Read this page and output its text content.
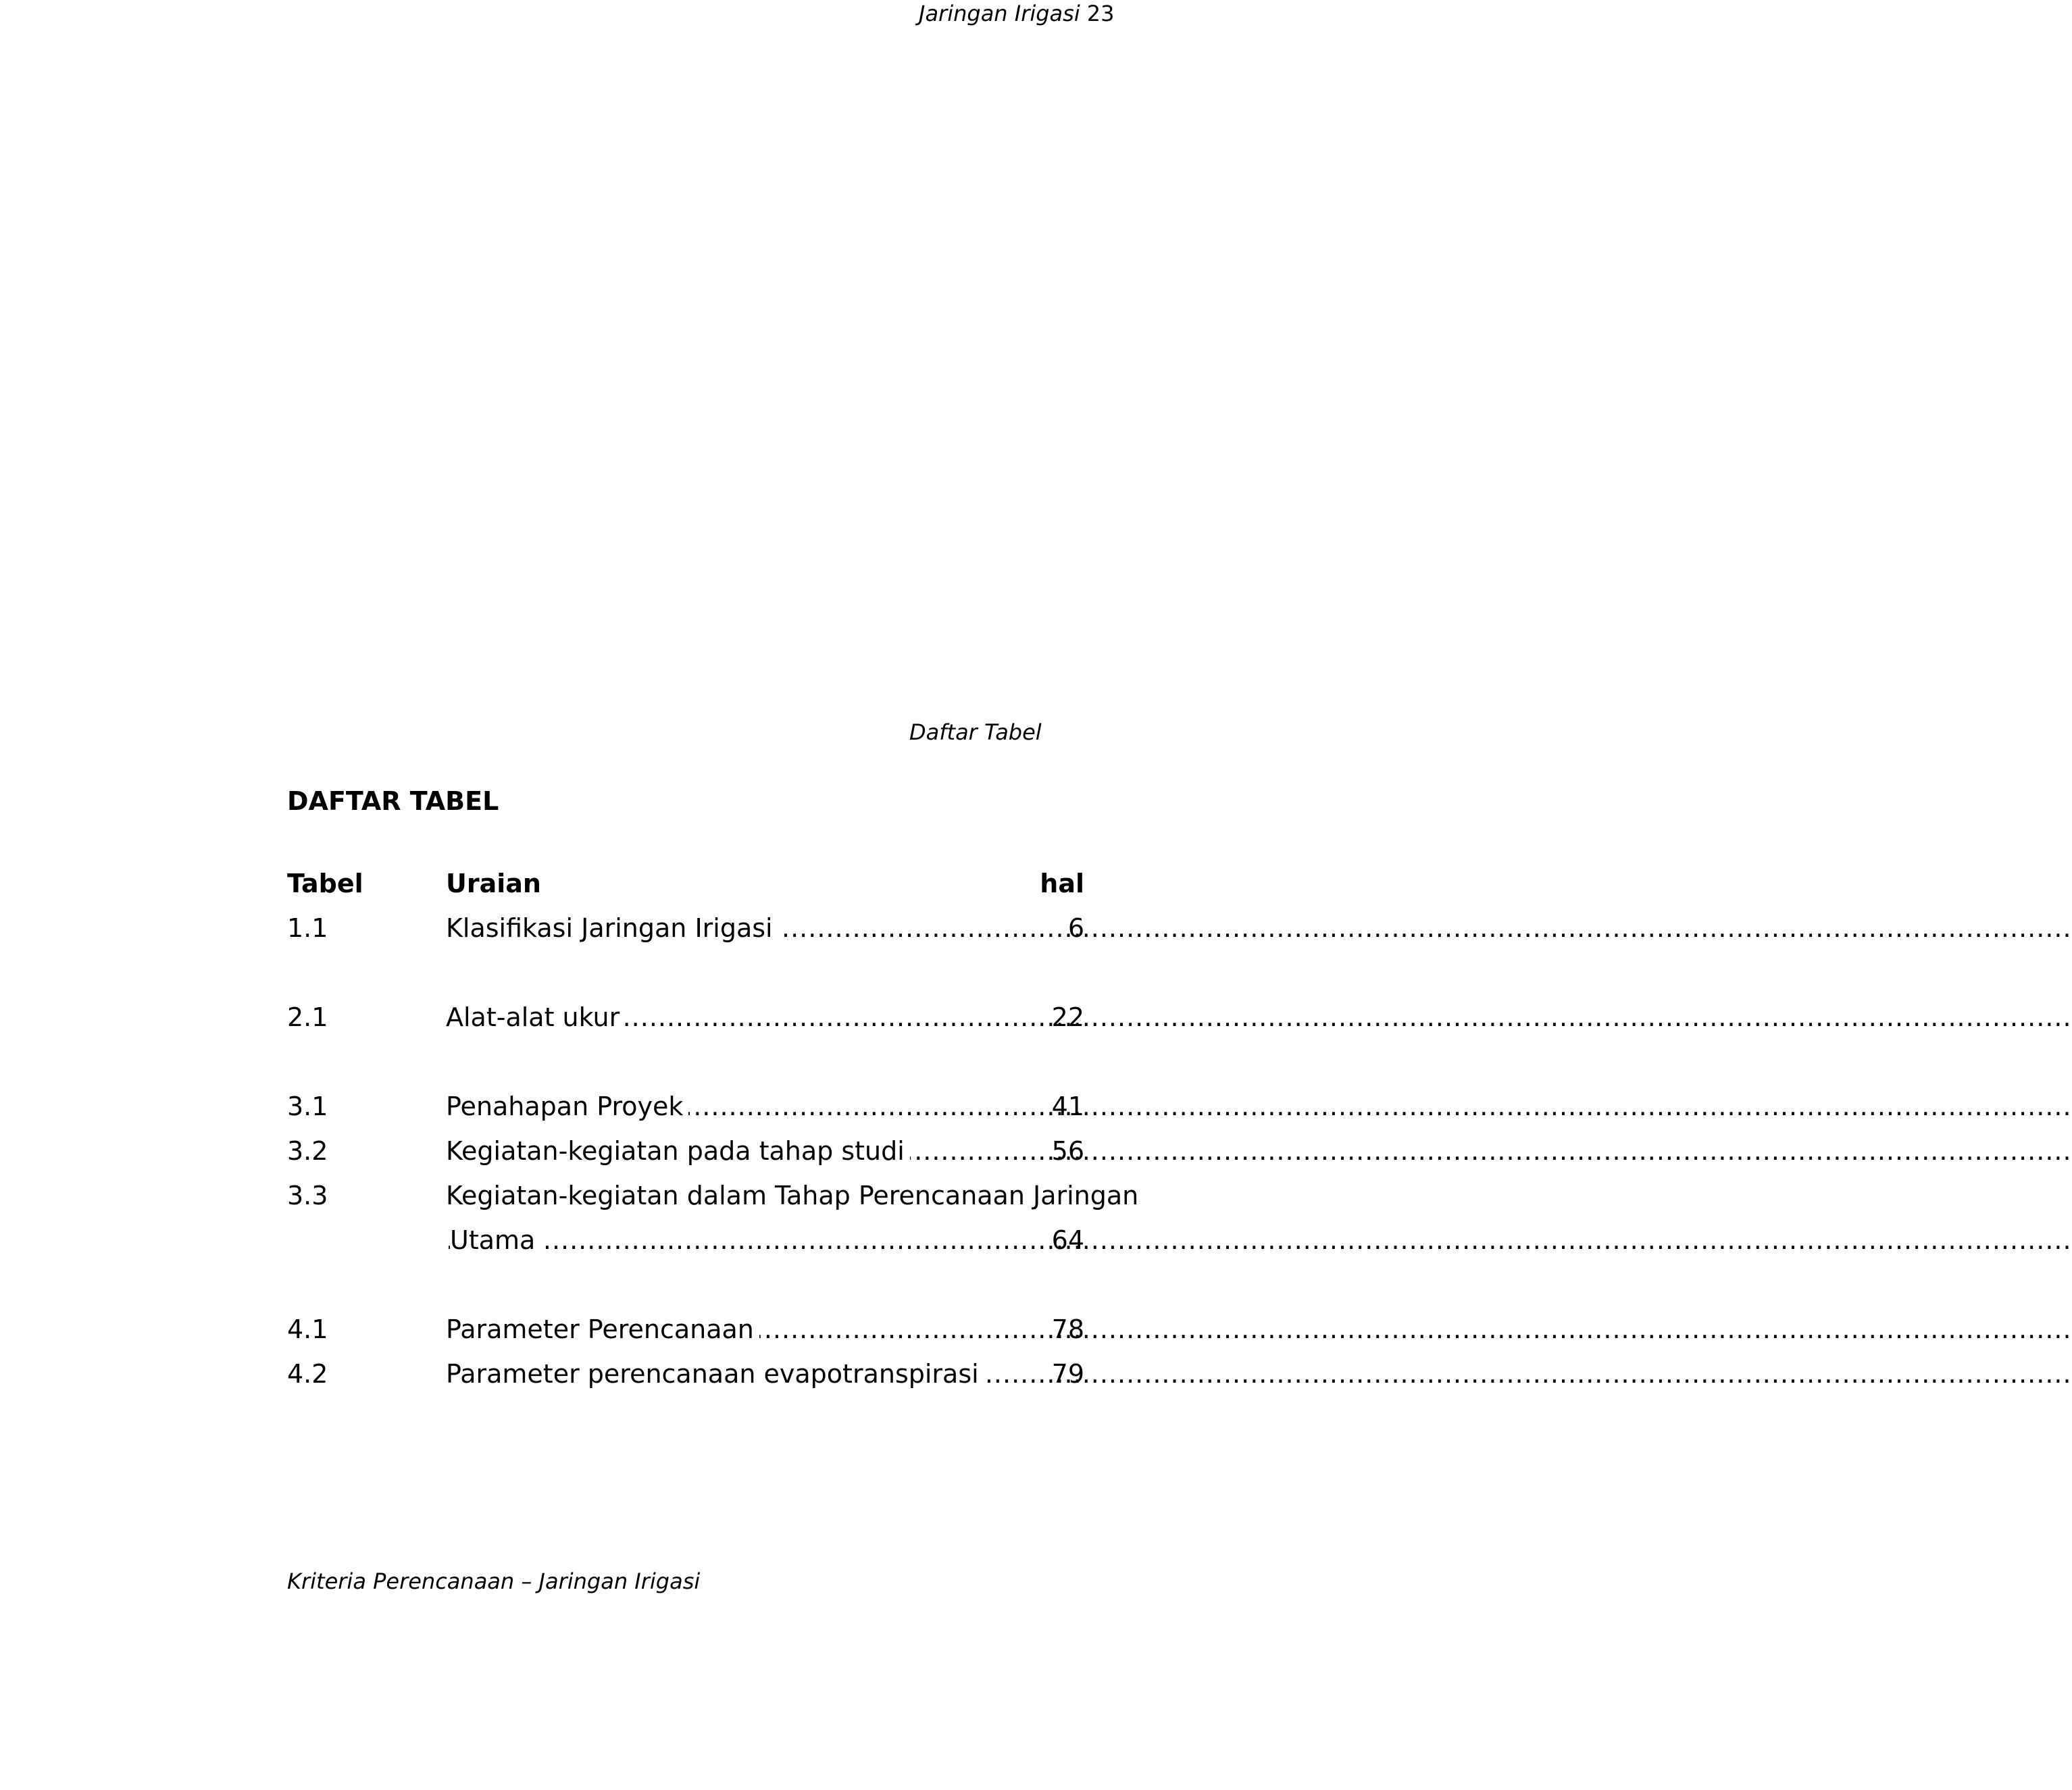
Jaringan Irigasi 23
Daftar Tabel
DAFTAR TABEL
Tabel	Uraian	hal
1.1	Klasifikasi Jaringan Irigasi .....	6
2.1	Alat-alat ukur .....	22
3.1	Penahapan Proyek .....	41
3.2	Kegiatan-kegiatan pada tahap studi .....	56
3.3	Kegiatan-kegiatan dalam Tahap Perencanaan Jaringan
Utama .....	64
4.1	Parameter Perencanaan .....	78
4.2	Parameter perencanaan evapotranspirasi .....	79
Kriteria Perencanaan – Jaringan Irigasi
